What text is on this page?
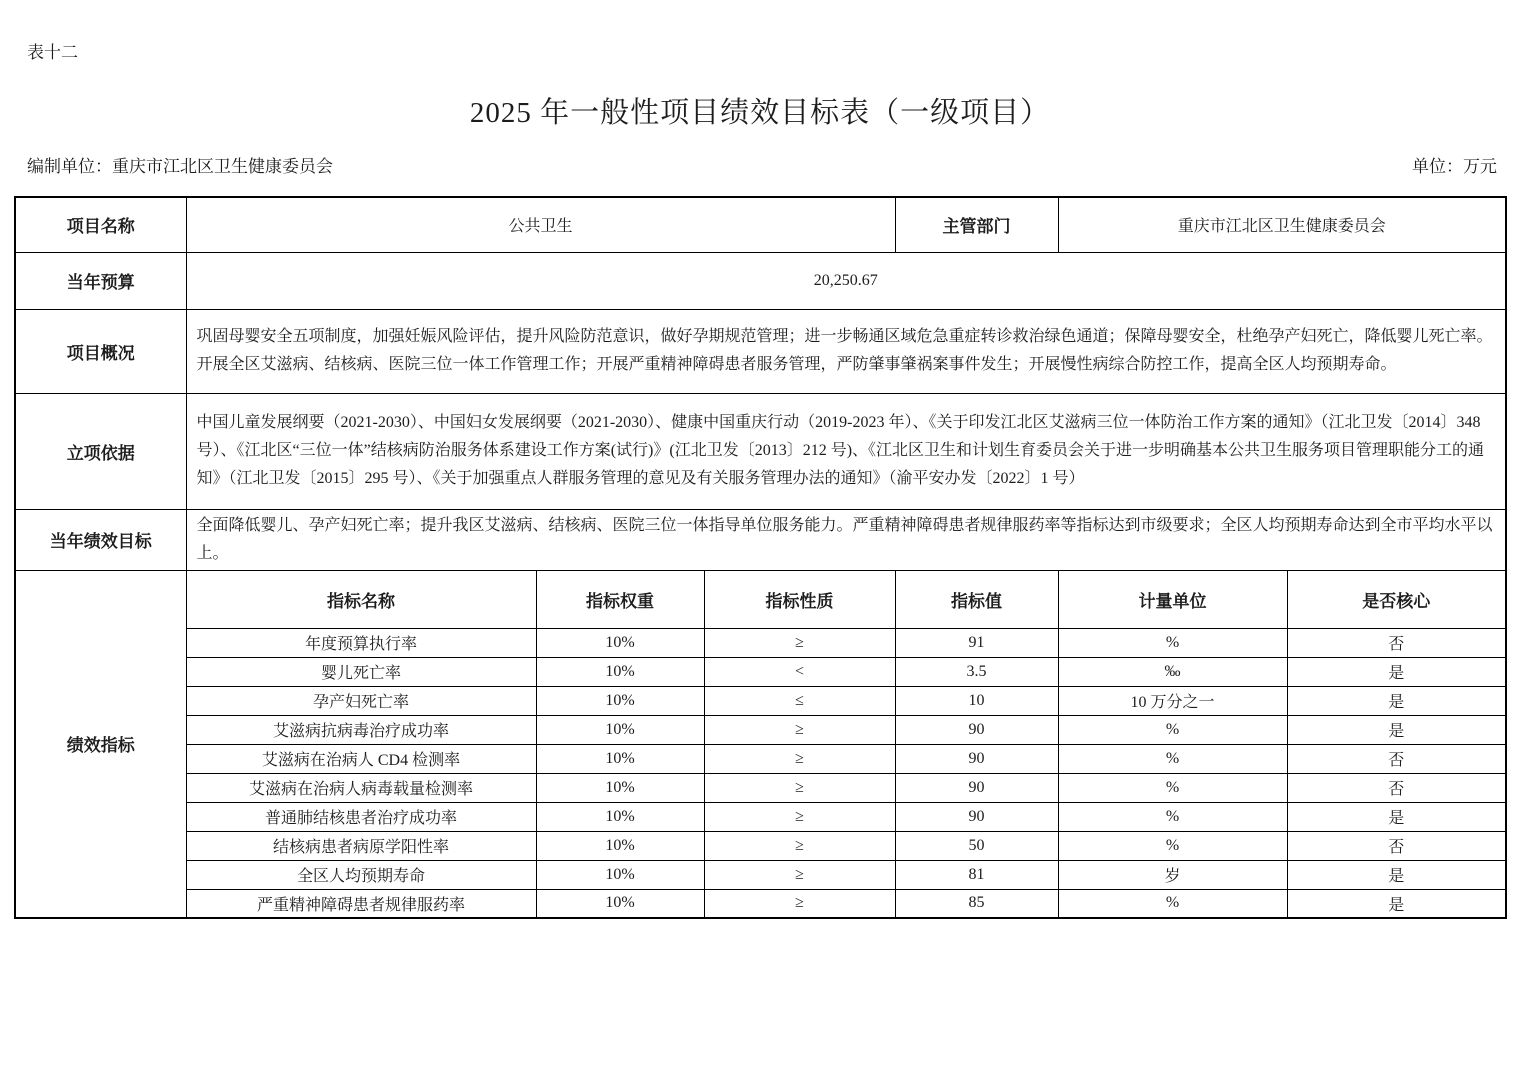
表十二
2025 年一般性项目绩效目标表（一级项目）
编制单位：重庆市江北区卫生健康委员会	单位：万元
项目名称	公共卫生			主管部门	重庆市江北区卫生健康委员会	
当年预算	20,250.67					
项目概况	巩固母婴安全五项制度，加强妊娠风险评估，提升风险防范意识，做好孕期规范管理；进一步畅通区域危急重症转诊救治绿色通道；保障母婴安全，杜绝孕产妇死亡，降低婴儿死亡率。开展全区艾滋病、结核病、医院三位一体工作管理工作；开展严重精神障碍患者服务管理，严防肇事肇祸案事件发生；开展慢性病综合防控工作，提高全区人均预期寿命。					
立项依据	中国儿童发展纲要（2021-2030）、中国妇女发展纲要（2021-2030）、健康中国重庆行动（2019-2023 年）、《关于印发江北区艾滋病三位一体防治工作方案的通知》（江北卫发〔2014〕348 号）、《江北区“三位一体”结核病防治服务体系建设工作方案(试行)》(江北卫发〔2013〕212 号)、《江北区卫生和计划生育委员会关于进一步明确基本公共卫生服务项目管理职能分工的通知》（江北卫发〔2015〕295 号）、《关于加强重点人群服务管理的意见及有关服务管理办法的通知》（渝平安办发〔2022〕1 号）					
当年绩效目标	全面降低婴儿、孕产妇死亡率；提升我区艾滋病、结核病、医院三位一体指导单位服务能力。严重精神障碍患者规律服药率等指标达到市级要求；全区人均预期寿命达到全市平均水平以上。					
绩效指标	指标名称	指标权重	指标性质	指标值	计量单位	是否核心
	年度预算执行率	10%	≥	91	%	否
	婴儿死亡率	10%	<	3.5	‰	是
	孕产妇死亡率	10%	≤	10	10 万分之一	是
	艾滋病抗病毒治疗成功率	10%	≥	90	%	是
	艾滋病在治病人 CD4 检测率	10%	≥	90	%	否
	艾滋病在治病人病毒载量检测率	10%	≥	90	%	否
	普通肺结核患者治疗成功率	10%	≥	90	%	是
	结核病患者病原学阳性率	10%	≥	50	%	否
	全区人均预期寿命	10%	≥	81	岁	是
	严重精神障碍患者规律服药率	10%	≥	85	%	是
